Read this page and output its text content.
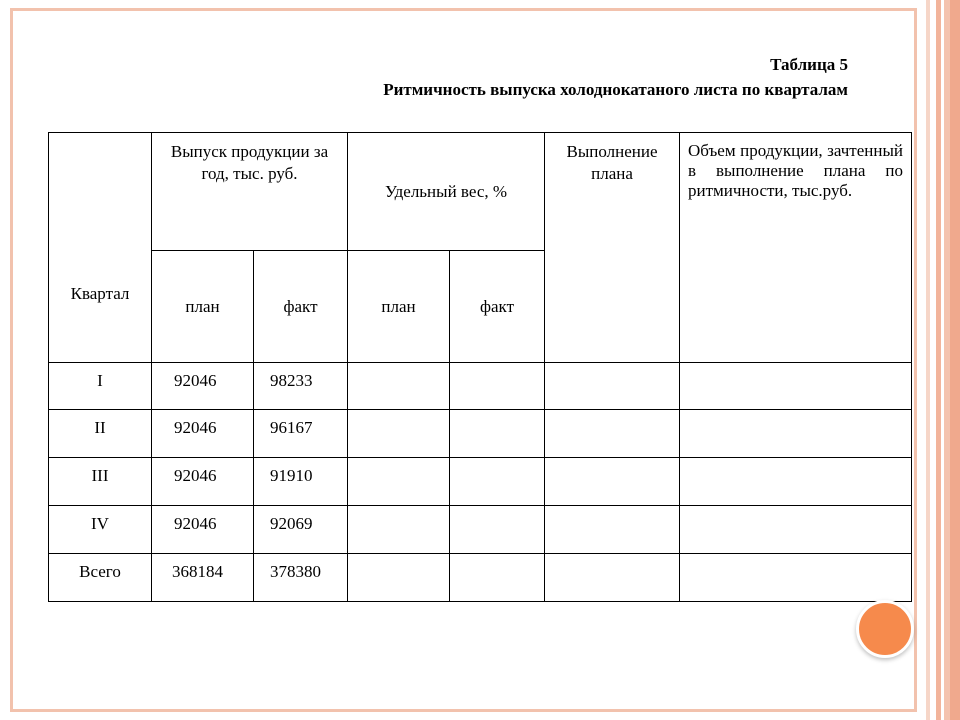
Таблица 5
Ритмичность выпуска холоднокатаного листа по кварталам
Квартал	Выпуск продукции за год, тыс. руб.		Удельный вес, %		Выполнение плана	Объем продукции, зачтенный в выполнение плана по ритмичности, тыс.руб.
	план	факт	план	факт		
I	92046	98233				
II	92046	96167				
III	92046	91910				
IV	92046	92069				
Всего	368184	378380				
